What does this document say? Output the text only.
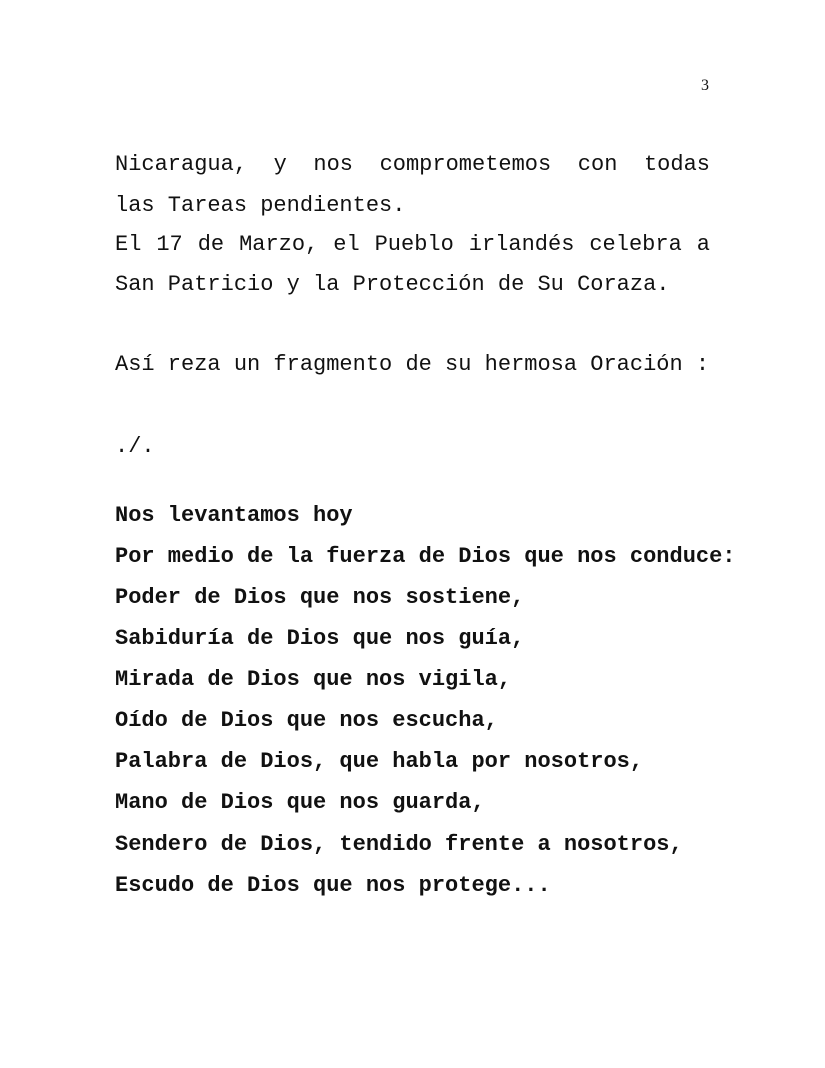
3
Nicaragua, y nos comprometemos con todas
las Tareas pendientes.
El 17 de Marzo, el Pueblo irlandés celebra a
San Patricio y la Protección de Su Coraza.
Así reza un fragmento de su hermosa Oración :
./.
Nos levantamos hoy
Por medio de la fuerza de Dios que nos conduce:
Poder de Dios que nos sostiene,
Sabiduría de Dios que nos guía,
Mirada de Dios que nos vigila,
Oído de Dios que nos escucha,
Palabra de Dios, que habla por nosotros,
Mano de Dios que nos guarda,
Sendero de Dios, tendido frente a nosotros,
Escudo de Dios que nos protege...
